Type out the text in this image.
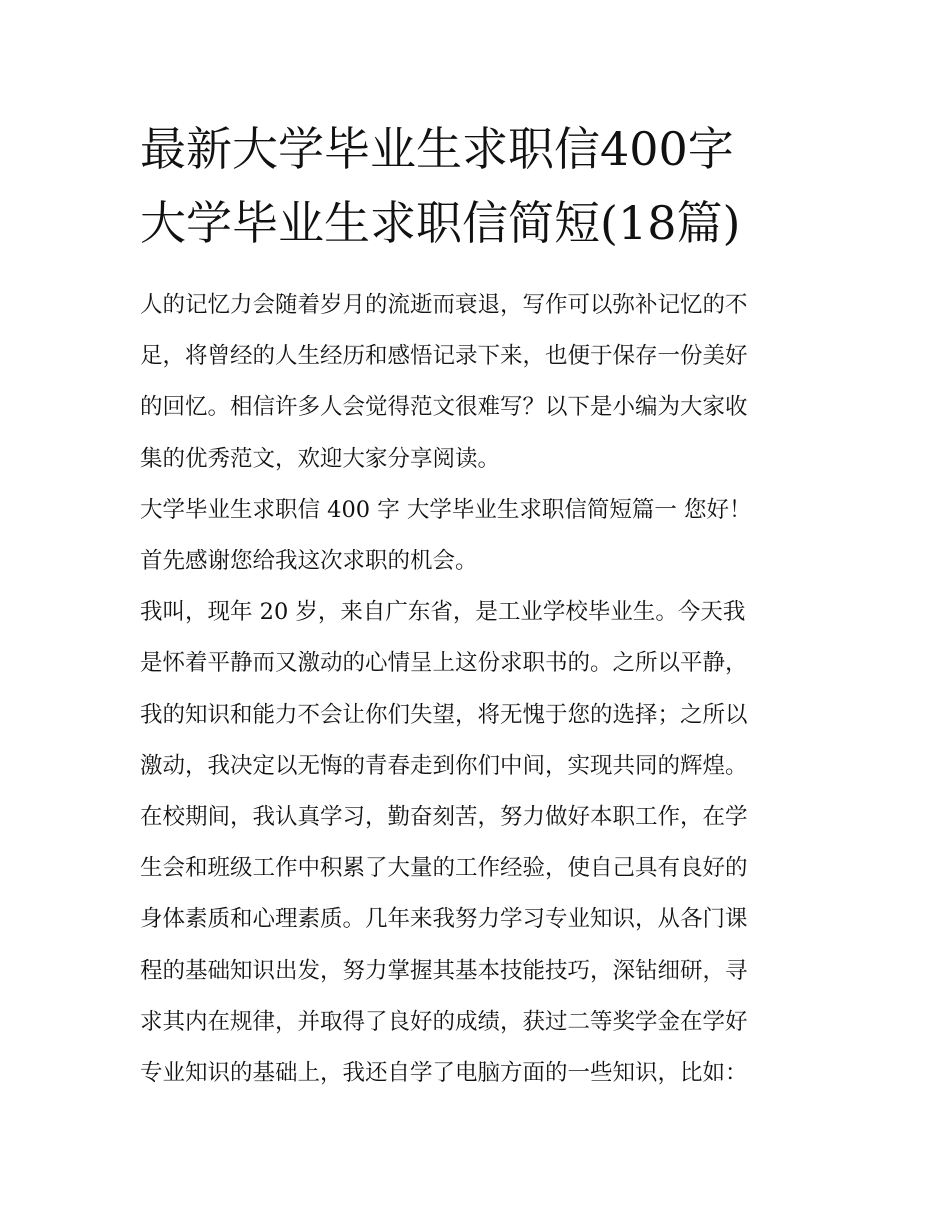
最新大学毕业生求职信400字
大学毕业生求职信简短(18篇)

人的记忆力会随着岁月的流逝而衰退，写作可以弥补记忆的不

足，将曾经的人生经历和感悟记录下来，也便于保存一份美好

的回忆。相信许多人会觉得范文很难写？以下是小编为大家收

集的优秀范文，欢迎大家分享阅读。

大学毕业生求职信 400 字 大学毕业生求职信简短篇一 您好！

首先感谢您给我这次求职的机会。

我叫，现年 20 岁，来自广东省，是工业学校毕业生。今天我

是怀着平静而又激动的心情呈上这份求职书的。之所以平静，

我的知识和能力不会让你们失望，将无愧于您的选择；之所以

激动，我决定以无悔的青春走到你们中间，实现共同的辉煌。

在校期间，我认真学习，勤奋刻苦，努力做好本职工作，在学

生会和班级工作中积累了大量的工作经验，使自己具有良好的

身体素质和心理素质。几年来我努力学习专业知识，从各门课

程的基础知识出发，努力掌握其基本技能技巧，深钻细研，寻

求其内在规律，并取得了良好的成绩，获过二等奖学金在学好

专业知识的基础上，我还自学了电脑方面的一些知识，比如：
